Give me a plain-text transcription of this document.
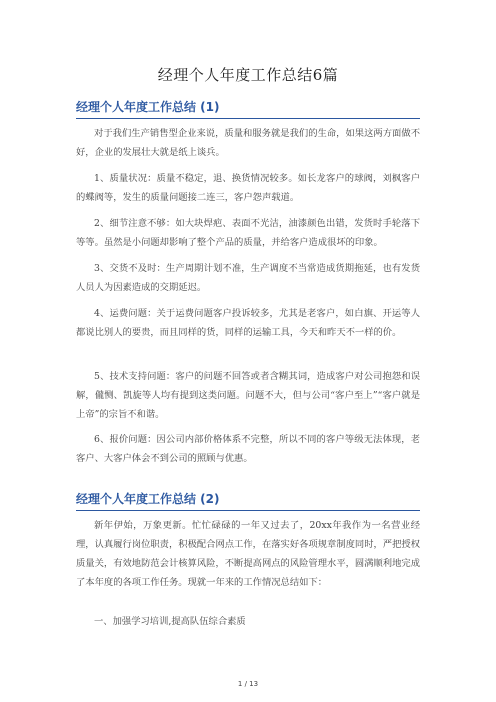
经理个人年度工作总结6篇
经理个人年度工作总结 (1)

对于我们生产销售型企业来说，质量和服务就是我们的生命，如果这两方面做不好，企业的发展壮大就是纸上谈兵。

1、质量状况：质量不稳定，退、换货情况较多。如长龙客户的球阀，刘枫客户的蝶阀等，发生的质量问题接二连三，客户怨声载道。

2、细节注意不够：如大块焊疤、表面不光洁，油漆颜色出错，发货时手轮落下等等。虽然是小问题却影响了整个产品的质量，并给客户造成很坏的印象。

3、交货不及时：生产周期计划不准，生产调度不当常造成货期拖延，也有发货人员人为因素造成的交期延迟。

4、运费问题：关于运费问题客户投诉较多，尤其是老客户，如白旗、开运等人都说比别人的要贵，而且同样的货，同样的运输工具，今天和昨天不一样的价。

5、技术支持问题：客户的问题不回答或者含糊其词，造成客户对公司抱怨和误解，儱恻、凯旋等人均有提到这类问题。问题不大，但与公司“客户至上”“客户就是上帝”的宗旨不和谐。

6、报价问题：因公司内部价格体系不完整，所以不同的客户等级无法体现，老客户、大客户体会不到公司的照顾与优惠。

经理个人年度工作总结 (2)

新年伊始，万象更新。忙忙碌碌的一年又过去了，20xx年我作为一名营业经理，认真履行岗位职责，积极配合网点工作，在落实好各项规章制度同时，严把授权质量关，有效地防范会计核算风险，不断提高网点的风险管理水平，圆满顺利地完成了本年度的各项工作任务。现就一年来的工作情况总结如下：

一、加强学习培训,提高队伍综合素质

1 / 13
